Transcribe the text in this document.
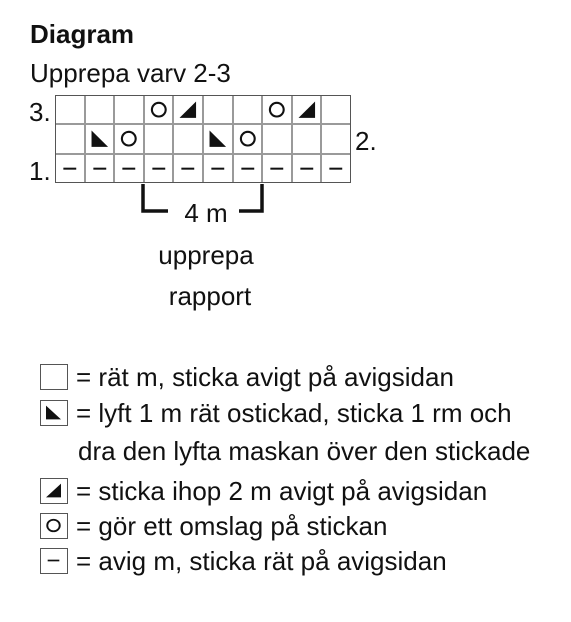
Diagram
Upprepa varv 2-3
3.
2.
1.
4 m
upprepa
rapport
= rät m, sticka avigt på avigsidan
= lyft 1 m rät ostickad, sticka 1 rm och
dra den lyfta maskan över den stickade
= sticka ihop 2 m avigt på avigsidan
= gör ett omslag på stickan
= avig m, sticka rät på avigsidan
